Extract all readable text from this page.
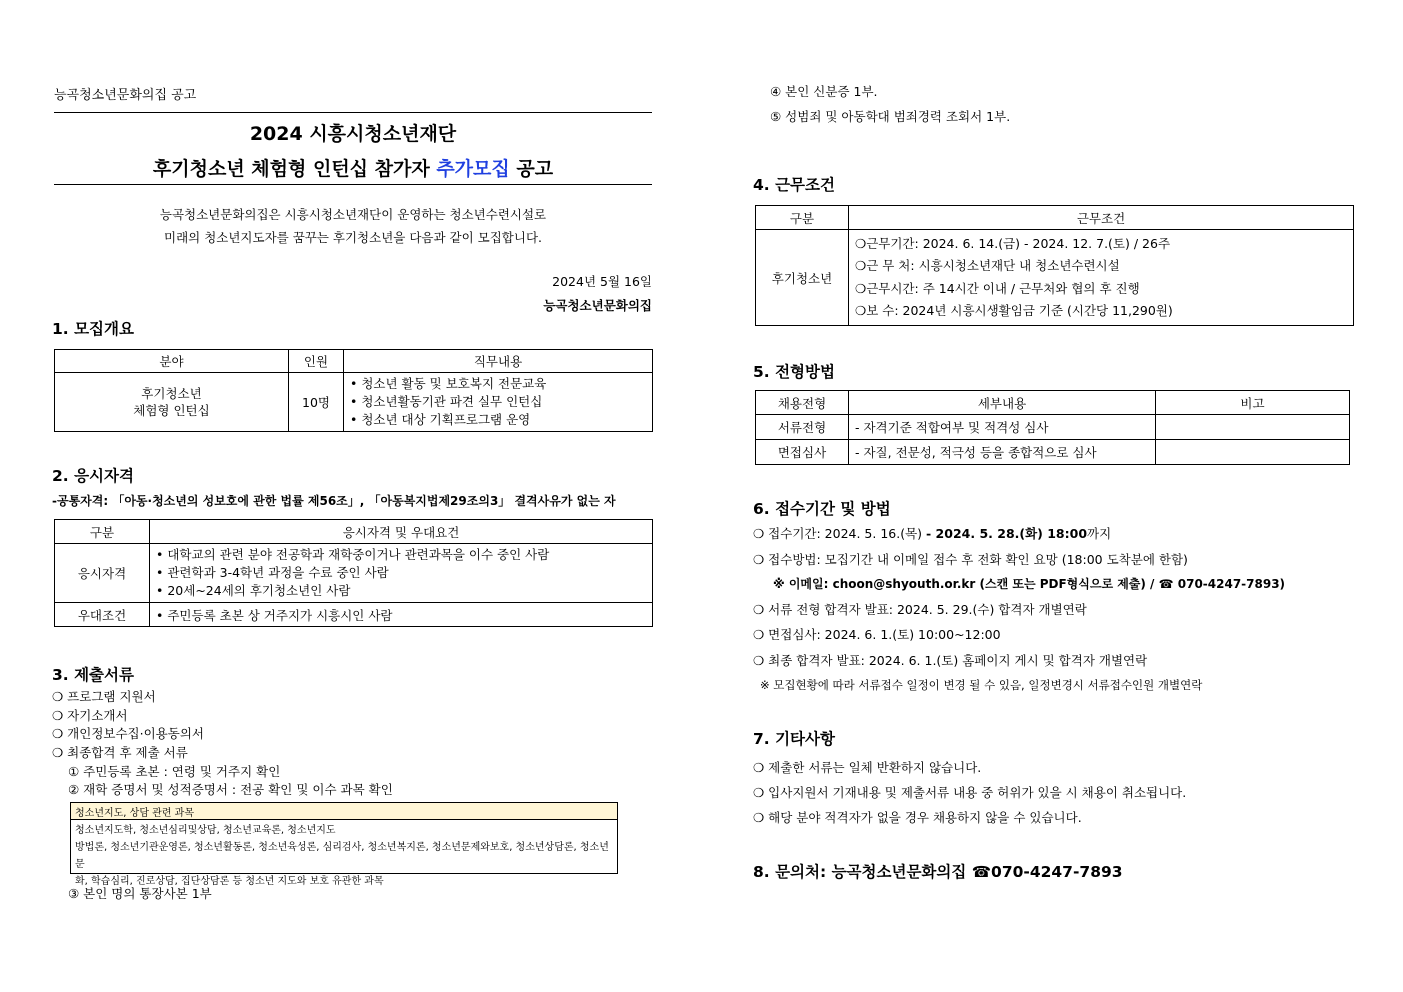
능곡청소년문화의집 공고
2024 시흥시청소년재단
후기청소년 체험형 인턴십 참가자 추가모집 공고
능곡청소년문화의집은 시흥시청소년재단이 운영하는 청소년수련시설로
미래의 청소년지도자를 꿈꾸는 후기청소년을 다음과 같이 모집합니다.
2024년 5월 16일
능곡청소년문화의집
1. 모집개요
분야	인원	직무내용

후기청소년
체험형 인턴십	10명	• 청소년 활동 및 보호복지 전문교육
• 청소년활동기관 파견 실무 인턴십
• 청소년 대상 기획프로그램 운영
2. 응시자격
-공통자격: 「아동·청소년의 성보호에 관한 법률 제56조」, 「아동복지법제29조의3」 결격사유가 없는 자
구분	응시자격 및 우대요건
응시자격	• 대학교의 관련 분야 전공학과 재학중이거나 관련과목을 이수 중인 사람
• 관련학과 3-4학년 과정을 수료 중인 사람
• 20세~24세의 후기청소년인 사람

우대조건	• 주민등록 초본 상 거주지가 시흥시인 사람
3. 제출서류
❍ 프로그램 지원서
❍ 자기소개서
❍ 개인정보수집·이용동의서
❍ 최종합격 후 제출 서류
① 주민등록 초본 : 연령 및 거주지 확인
② 재학 증명서 및 성적증명서 : 전공 확인 및 이수 과목 확인
청소년지도, 상담 관련 과목
청소년지도학, 청소년심리및상담, 청소년교육론, 청소년지도
방법론, 청소년기관운영론, 청소년활동론, 청소년육성론, 심리검사, 청소년복지론, 청소년문제와보호, 청소년상담론, 청소년문
화, 학습심리, 진로상담, 집단상담론 등 청소년 지도와 보호 유관한 과목
③ 본인 명의 통장사본 1부
④ 본인 신분증 1부.
⑤ 성범죄 및 아동학대 범죄경력 조회서 1부.
4. 근무조건
구분	근무조건
후기청소년	❍근무기간: 2024. 6. 14.(금) - 2024. 12. 7.(토) / 26주
❍근 무 처: 시흥시청소년재단 내 청소년수련시설
❍근무시간: 주 14시간 이내 / 근무처와 협의 후 진행
❍보 수: 2024년 시흥시생활임금 기준 (시간당 11,290원)
5. 전형방법
채용전형	세부내용	비고
서류전형	- 자격기준 적합여부 및 적격성 심사	
면접심사	- 자질, 전문성, 적극성 등을 종합적으로 심사	
6. 접수기간 및 방법
❍ 접수기간: 2024. 5. 16.(목) - 2024. 5. 28.(화) 18:00까지
❍ 접수방법: 모집기간 내 이메일 접수 후 전화 확인 요망 (18:00 도착분에 한함)
※ 이메일: choon@shyouth.or.kr (스캔 또는 PDF형식으로 제출) / ☎ 070-4247-7893)
❍ 서류 전형 합격자 발표: 2024. 5. 29.(수) 합격자 개별연락
❍ 면접심사: 2024. 6. 1.(토) 10:00~12:00
❍ 최종 합격자 발표: 2024. 6. 1.(토) 홈페이지 게시 및 합격자 개별연락
※ 모집현황에 따라 서류접수 일정이 변경 될 수 있음, 일정변경시 서류접수인원 개별연락
7. 기타사항
❍ 제출한 서류는 일체 반환하지 않습니다.
❍ 입사지원서 기재내용 및 제출서류 내용 중 허위가 있을 시 채용이 취소됩니다.
❍ 해당 분야 적격자가 없을 경우 채용하지 않을 수 있습니다.
8. 문의처: 능곡청소년문화의집 ☎070-4247-7893
